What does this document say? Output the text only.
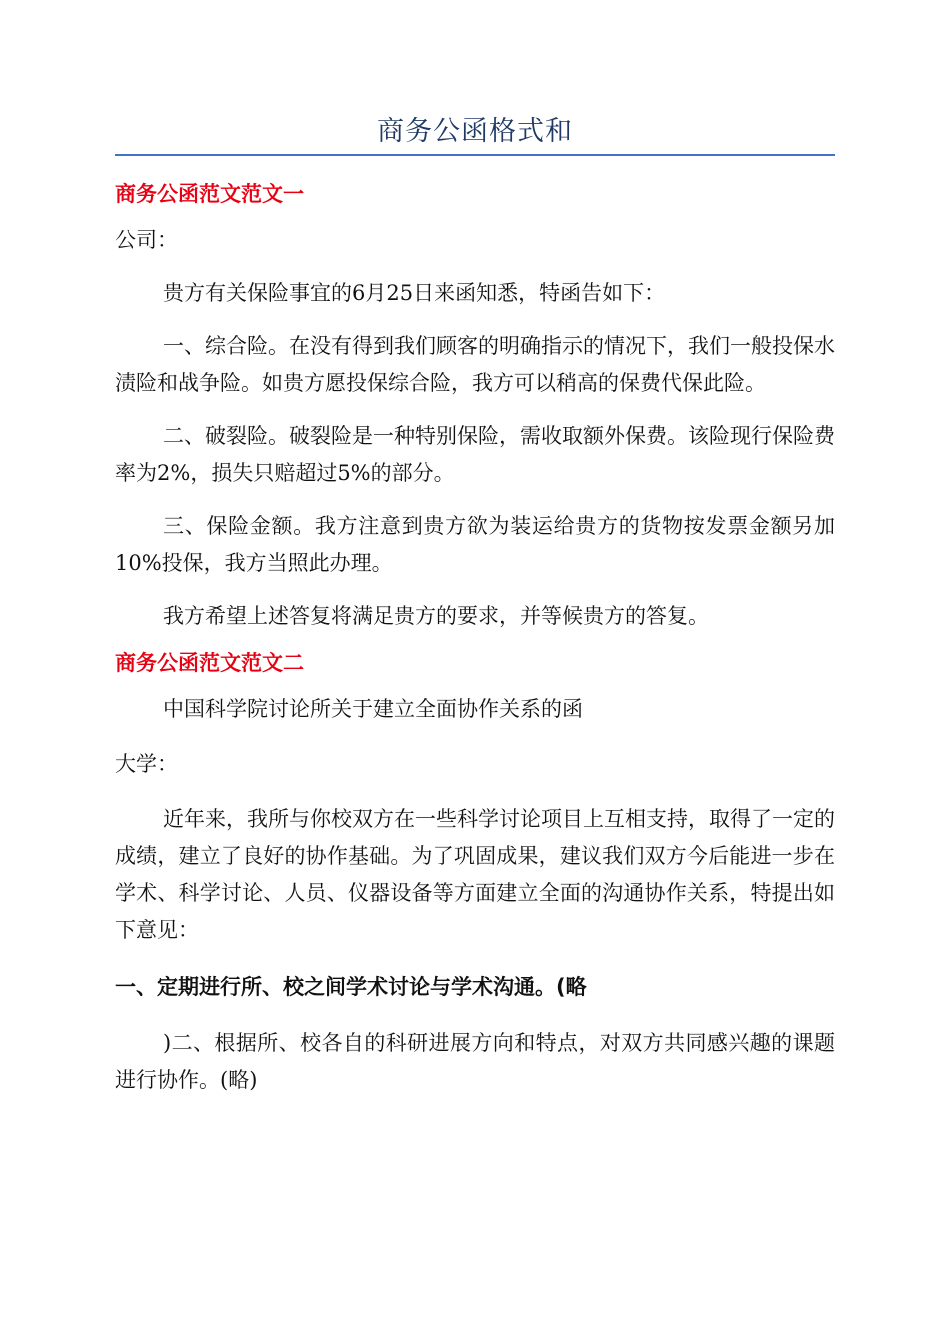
商务公函格式和

商务公函范文范文一

公司：

贵方有关保险事宜的6月25日来函知悉，特函告如下：

一、综合险。在没有得到我们顾客的明确指示的情况下，我们一般投保水渍险和战争险。如贵方愿投保综合险，我方可以稍高的保费代保此险。

二、破裂险。破裂险是一种特别保险，需收取额外保费。该险现行保险费率为2%，损失只赔超过5%的部分。

三、保险金额。我方注意到贵方欲为装运给贵方的货物按发票金额另加10%投保，我方当照此办理。

我方希望上述答复将满足贵方的要求，并等候贵方的答复。

商务公函范文范文二

中国科学院讨论所关于建立全面协作关系的函

大学：

近年来，我所与你校双方在一些科学讨论项目上互相支持，取得了一定的成绩，建立了良好的协作基础。为了巩固成果，建议我们双方今后能进一步在学术、科学讨论、人员、仪器设备等方面建立全面的沟通协作关系，特提出如下意见：

一、定期进行所、校之间学术讨论与学术沟通。(略

)二、根据所、校各自的科研进展方向和特点，对双方共同感兴趣的课题进行协作。(略)
